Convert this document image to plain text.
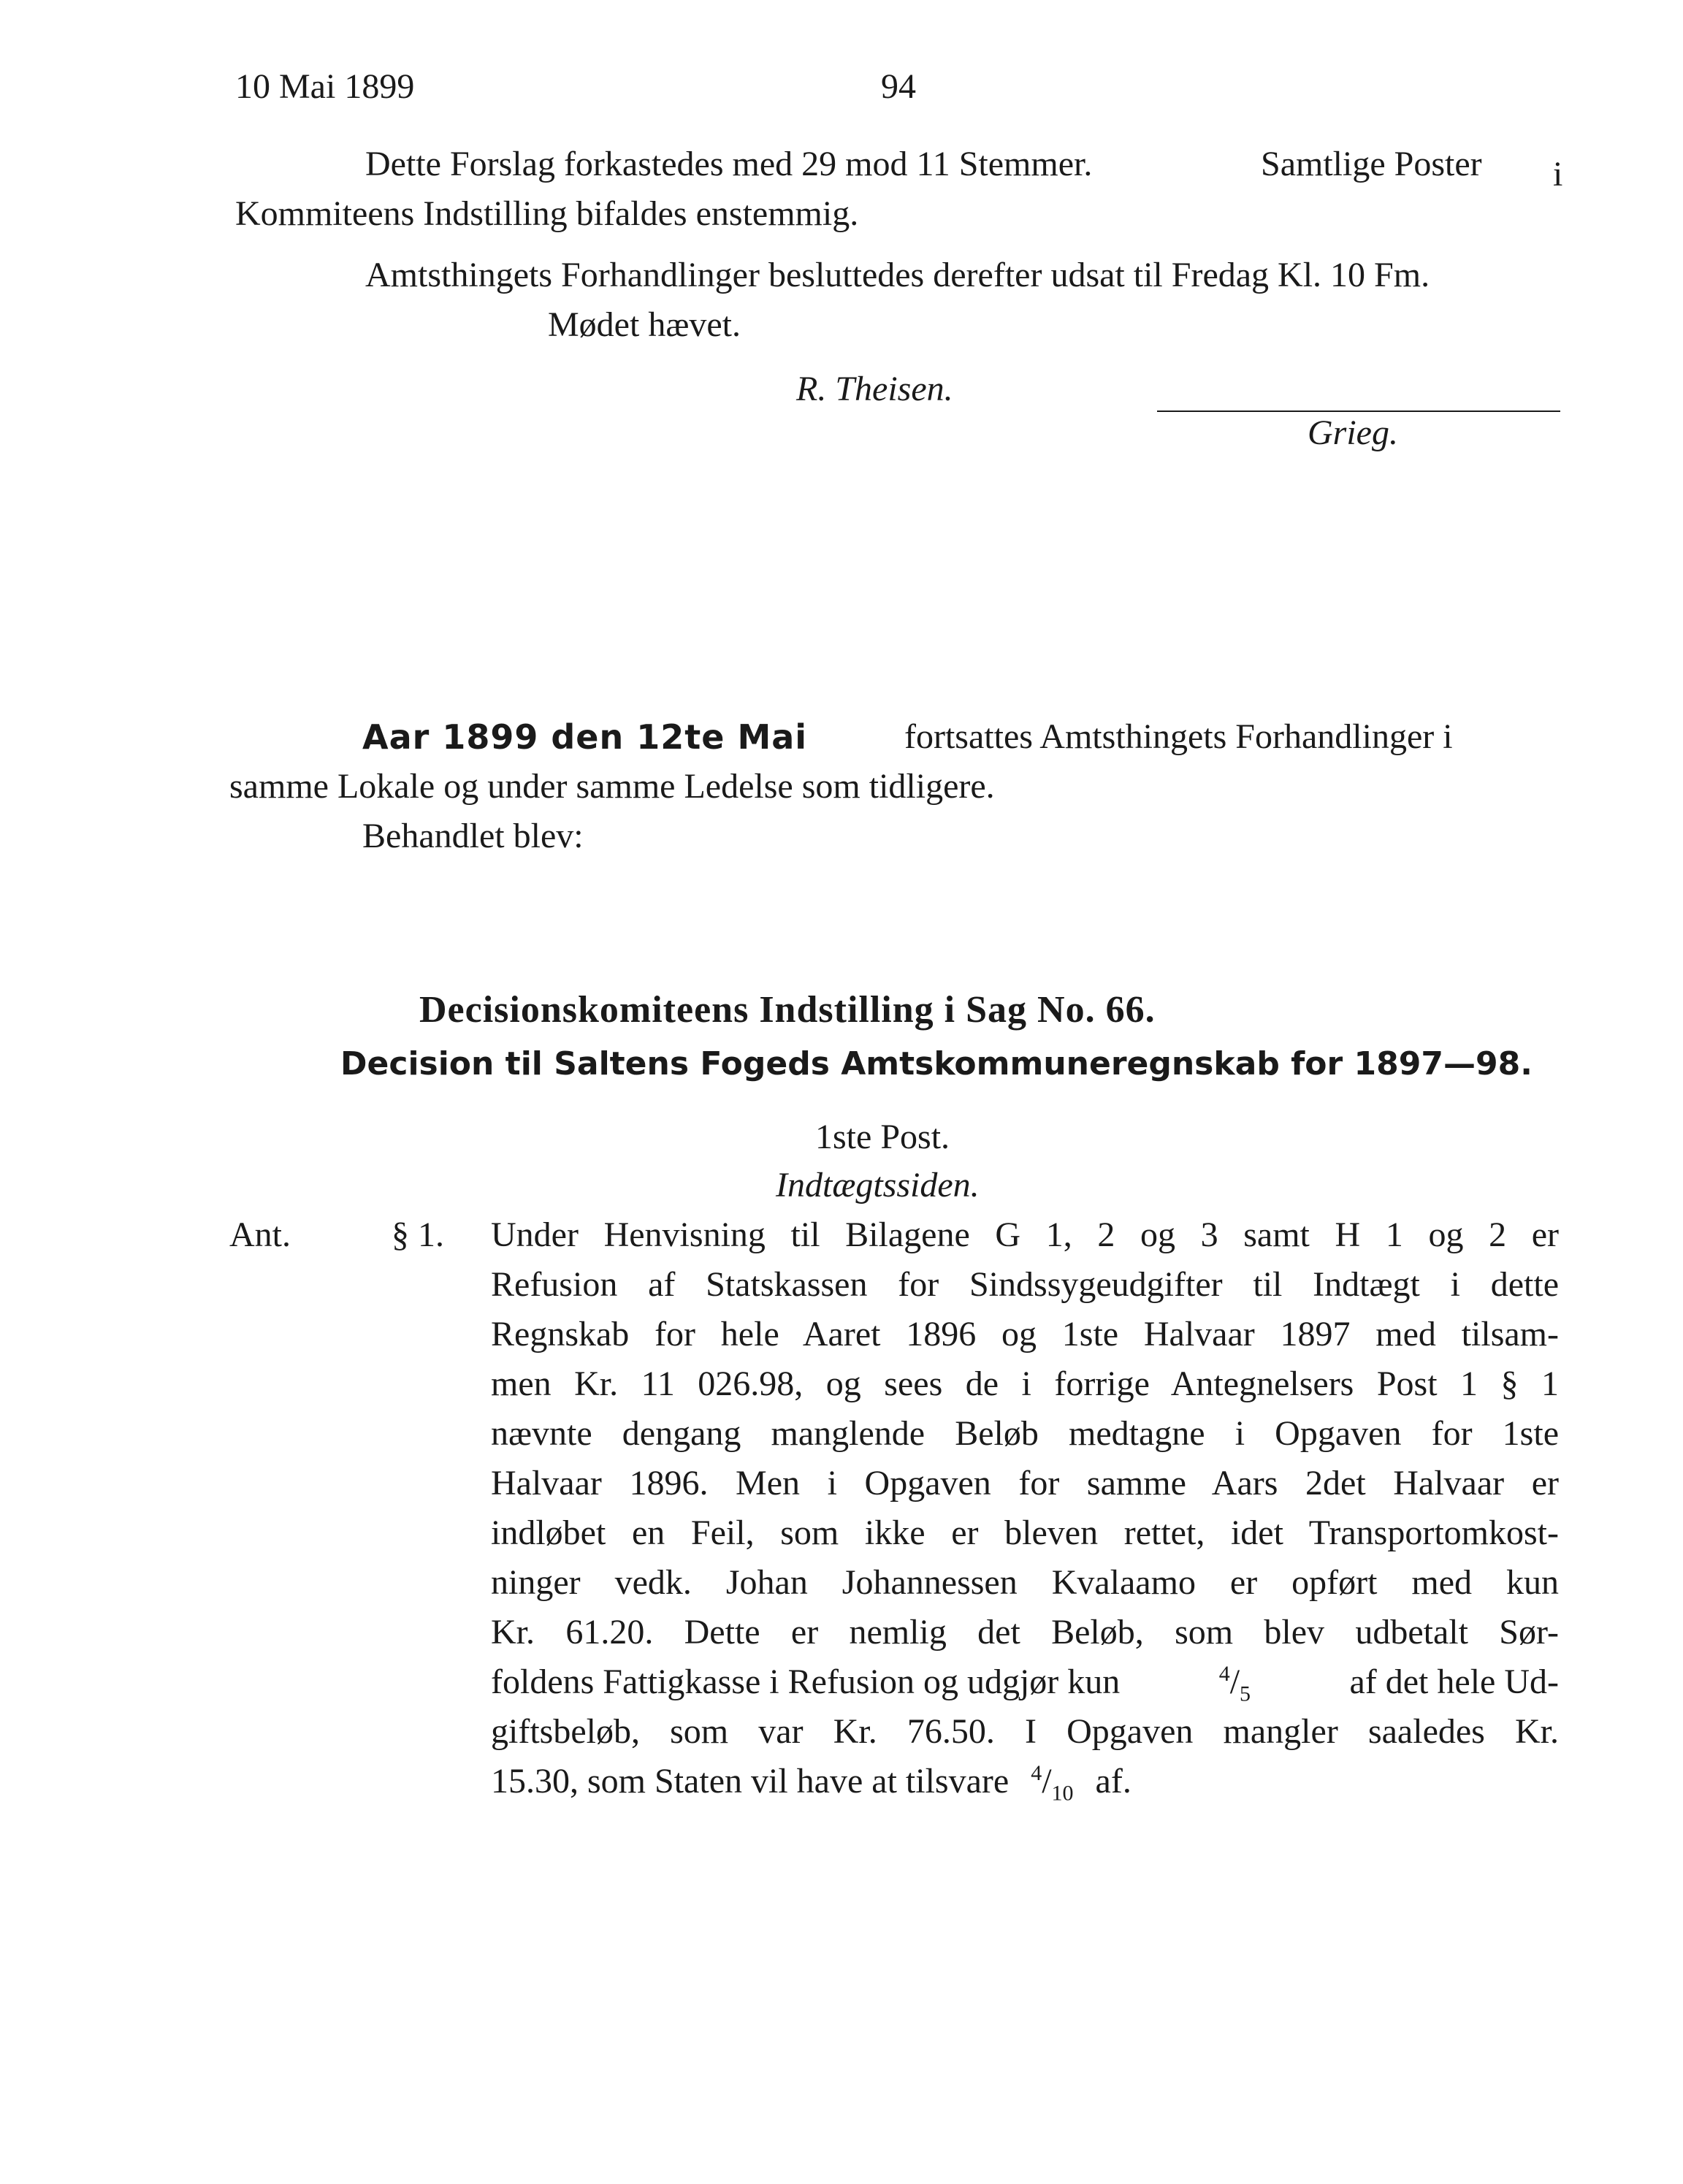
10 Mai 1899	94
Dette Forslag forkastedes med 29 mod 11 Stemmer.	Samtlige Poster i
Kommiteens Indstilling bifaldes enstemmig.
Amtsthingets Forhandlinger besluttedes derefter udsat til Fredag Kl. 10 Fm.
Mødet hævet.
R. Theisen.
Grieg.
Aar 1899 den 12te Mai	fortsattes Amtsthingets Forhandlinger i
samme Lokale og under samme Ledelse som tidligere.
Behandlet blev:
Decisionskomiteens Indstilling i Sag No. 66.
Decision til Saltens Fogeds Amtskommuneregnskab for 1897—98.
1ste Post.
Indtægtssiden.
Ant.	§ 1. Under Henvisning til Bilagene G 1, 2 og 3 samt H 1 og 2 er
Refusion af Statskassen for Sindssygeudgifter til Indtægt i dette
Regnskab for hele Aaret 1896 og 1ste Halvaar 1897 med tilsam-
men Kr. 11 026.98, og sees de i forrige Antegnelsers Post 1 § 1
nævnte dengang manglende Beløb medtagne i Opgaven for 1ste
Halvaar 1896. Men i Opgaven for samme Aars 2det Halvaar er
indløbet en Feil, som ikke er bleven rettet, idet Transportomkost-
ninger vedk. Johan Johannessen Kvalaamo er opført med kun
Kr. 61.20. Dette er nemlig det Beløb, som blev udbetalt Sør-
foldens Fattigkasse i Refusion og udgjør kun	$^4/_5$	af det hele Ud-
giftsbeløb, som var Kr. 76.50. I Opgaven mangler saaledes Kr.
15.30, som Staten vil have at tilsvare $^4/_{10}$ af.
